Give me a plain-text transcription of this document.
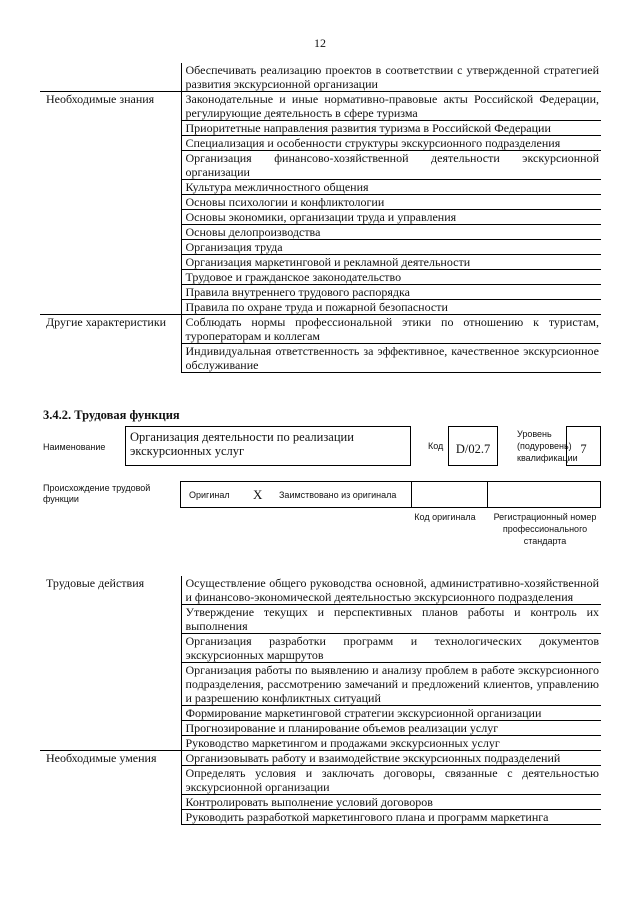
12
	Обеспечивать реализацию проектов в соответствии с утвержденной стратегией развития экскурсионной организации
Необходимые знания	Законодательные и иные нормативно-правовые акты Российской Федерации, регулирующие деятельность в сфере туризма
	Приоритетные направления развития туризма в Российской Федерации
	Специализация и особенности структуры экскурсионного подразделения
	Организация финансово-хозяйственной деятельности экскурсионной организации
	Культура межличностного общения
	Основы психологии и конфликтологии
	Основы экономики, организации труда и управления
	Основы делопроизводства
	Организация труда
	Организация маркетинговой и рекламной деятельности
	Трудовое и гражданское законодательство
	Правила внутреннего трудового распорядка
	Правила по охране труда и пожарной безопасности
Другие характеристики	Соблюдать нормы профессиональной этики по отношению к туристам, туроператорам и коллегам
	Индивидуальная ответственность за эффективное, качественное экскурсионное обслуживание
3.4.2. Трудовая функция
Наименование
Организация деятельности по реализации экскурсионных услуг	Код	D/02.7
Уровень (подуровень) квалификации
7
Происхождение трудовой функции	Оригинал X Заимствовано из оригинала
Код оригинала	Регистрационный номер профессионального стандарта
Трудовые действия	Осуществление общего руководства основной, административно-хозяйственной и финансово-экономической деятельностью экскурсионного подразделения
	Утверждение текущих и перспективных планов работы и контроль их выполнения
	Организация разработки программ и технологических документов экскурсионных маршрутов
	Организация работы по выявлению и анализу проблем в работе экскурсионного подразделения, рассмотрению замечаний и предложений клиентов, управлению и разрешению конфликтных ситуаций
	Формирование маркетинговой стратегии экскурсионной организации
	Прогнозирование и планирование объемов реализации услуг
	Руководство маркетингом и продажами экскурсионных услуг
Необходимые умения	Организовывать работу и взаимодействие экскурсионных подразделений
	Определять условия и заключать договоры, связанные с деятельностью экскурсионной организации
	Контролировать выполнение условий договоров
	Руководить разработкой маркетингового плана и программ маркетинга
